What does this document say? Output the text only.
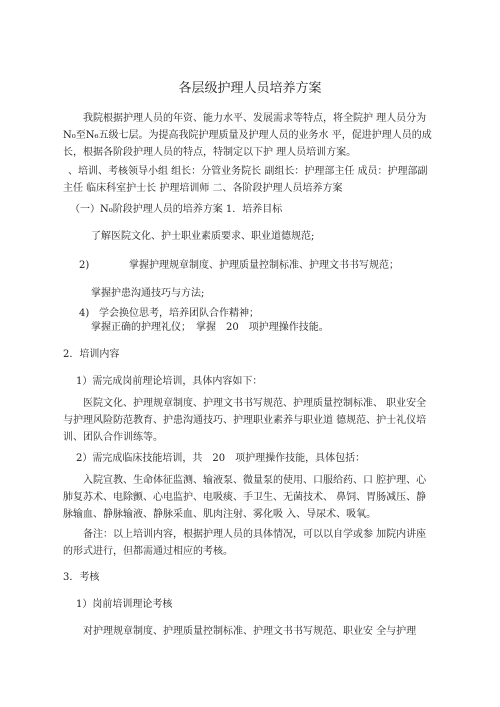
各层级护理人员培养方案
我院根据护理人员的年资、能力水平、发展需求等特点，将全院护 理人员分为N₀至N₆五级七层。为提高我院护理质量及护理人员的业务水 平，促进护理人员的成长，根据各阶段护理人员的特点，特制定以下护 理人员培训方案。
、培训、考核领导小组 组长：分管业务院长 副组长：护理部主任 成员：护理部副主任 临床科室护士长 护理培训师 二、各阶段护理人员培养方案
（一）N₀阶段护理人员的培养方案 1．培养目标
了解医院文化、护士职业素质要求、职业道德规范;
2)	掌握护理规章制度、护理质量控制标准、护理文书书写规范；
掌握护患沟通技巧与方法;
4) 学会换位思考，培养团队合作精神；
掌握正确的护理礼仪；　掌握　20　项护理操作技能。
2．培训内容
1）需完成岗前理论培训，具体内容如下：
医院文化、护理规章制度、护理文书书写规范、护理质量控制标准、 职业安全与护理风险防范教育、护患沟通技巧、护理职业素养与职业道 德规范、护士礼仪培训、团队合作训练等。
2）需完成临床技能培训，共　20　项护理操作技能，具体包括：
入院宣教、生命体征监测、输液泵、微量泵的使用、口服给药、口 腔护理、心肺复苏术、电除颤、心电监护、电吸痰、手卫生、无菌技术、 鼻饲、胃肠减压、静脉输血、静脉输液、静脉采血、肌肉注射、雾化吸 入、导尿术、吸氧。
备注：以上培训内容，根据护理人员的具体情况，可以以自学或参 加院内讲座的形式进行，但都需通过相应的考核。
3．考核
1）岗前培训理论考核
对护理规章制度、护理质量控制标准、护理文书书写规范、职业安 全与护理
